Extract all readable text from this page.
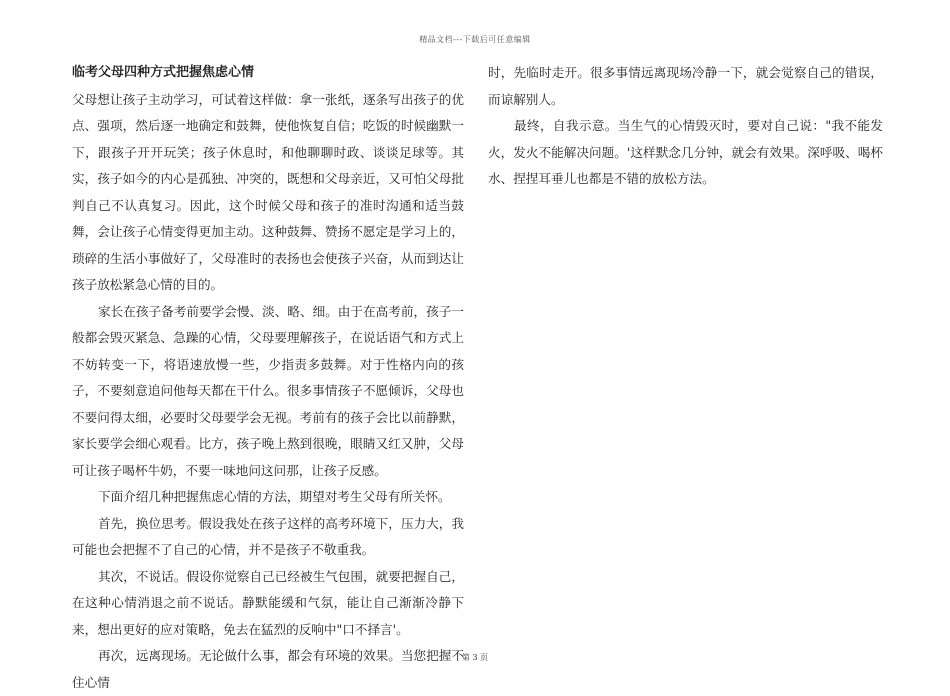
精品文档---下载后可任意编辑

临考父母四种方式把握焦虑心情

父母想让孩子主动学习，可试着这样做：拿一张纸，逐条写出孩子的优点、强项，然后逐一地确定和鼓舞，使他恢复自信；吃饭的时候幽默一下，跟孩子开开玩笑；孩子休息时，和他聊聊时政、谈谈足球等。其实，孩子如今的内心是孤独、冲突的，既想和父母亲近，又可怕父母批判自己不认真复习。因此，这个时候父母和孩子的准时沟通和适当鼓舞，会让孩子心情变得更加主动。这种鼓舞、赞扬不愿定是学习上的，琐碎的生活小事做好了，父母准时的表扬也会使孩子兴奋，从而到达让孩子放松紧急心情的目的。

家长在孩子备考前要学会慢、淡、略、细。由于在高考前，孩子一般都会毁灭紧急、急躁的心情，父母要理解孩子，在说话语气和方式上不妨转变一下，将语速放慢一些，少指责多鼓舞。对于性格内向的孩子，不要刻意追问他每天都在干什么。很多事情孩子不愿倾诉，父母也不要问得太细，必要时父母要学会无视。考前有的孩子会比以前静默，家长要学会细心观看。比方，孩子晚上熬到很晚，眼睛又红又肿，父母可让孩子喝杯牛奶，不要一味地问这问那，让孩子反感。

下面介绍几种把握焦虑心情的方法，期望对考生父母有所关怀。

首先，换位思考。假设我处在孩子这样的高考环境下，压力大，我可能也会把握不了自己的心情，并不是孩子不敬重我。

其次，不说话。假设你觉察自己已经被生气包围，就要把握自己，在这种心情消退之前不说话。静默能缓和气氛，能让自己渐渐冷静下来，想出更好的应对策略，免去在猛烈的反响中"口不择言'。

再次，远离现场。无论做什么事，都会有环境的效果。当您把握不住心情

时，先临时走开。很多事情远离现场冷静一下，就会觉察自己的错误，而谅解别人。

最终，自我示意。当生气的心情毁灭时，要对自己说："我不能发火，发火不能解决问题。'这样默念几分钟，就会有效果。深呼吸、喝杯水、捏捏耳垂儿也都是不错的放松方法。

第 3 页
